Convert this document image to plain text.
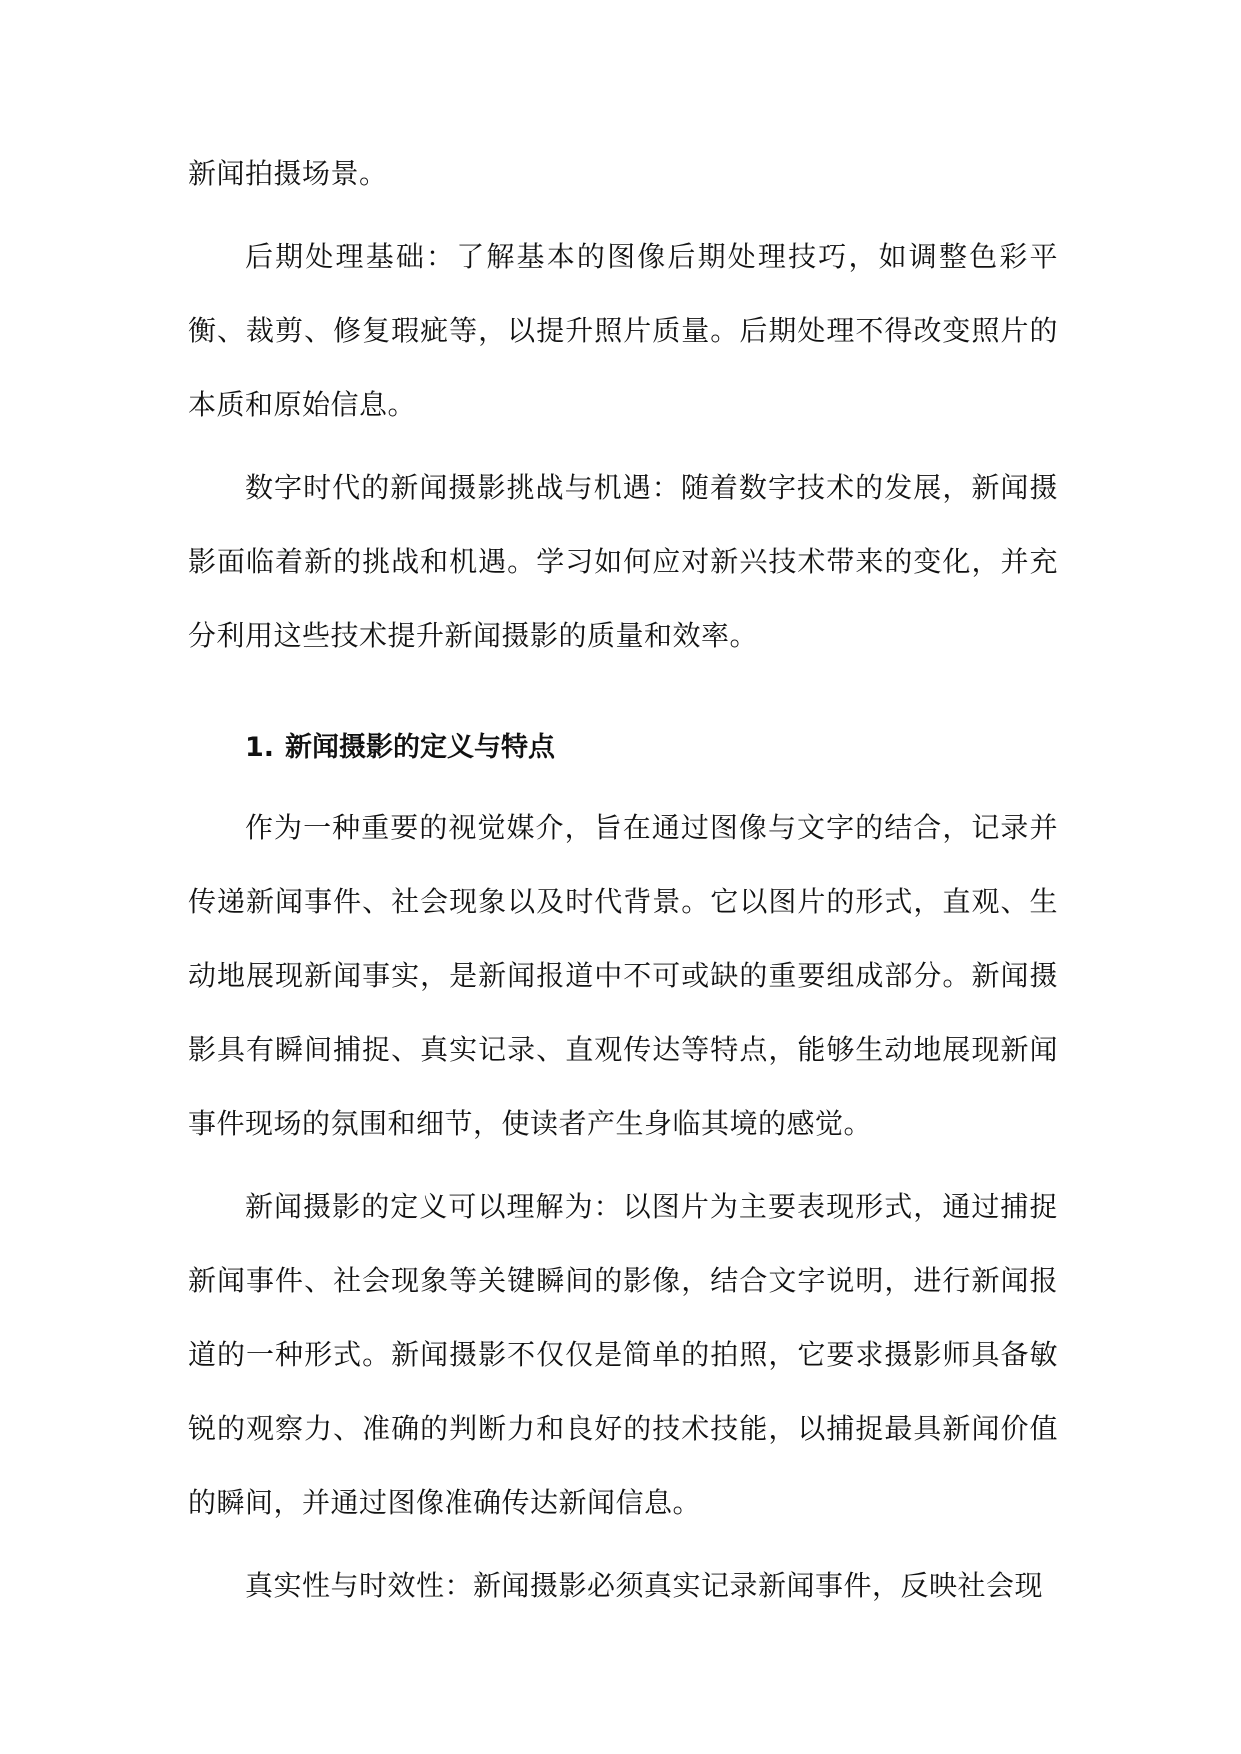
新闻拍摄场景。

后期处理基础：了解基本的图像后期处理技巧，如调整色彩平衡、裁剪、修复瑕疵等，以提升照片质量。后期处理不得改变照片的本质和原始信息。

数字时代的新闻摄影挑战与机遇：随着数字技术的发展，新闻摄影面临着新的挑战和机遇。学习如何应对新兴技术带来的变化，并充分利用这些技术提升新闻摄影的质量和效率。

1. 新闻摄影的定义与特点

作为一种重要的视觉媒介，旨在通过图像与文字的结合，记录并传递新闻事件、社会现象以及时代背景。它以图片的形式，直观、生动地展现新闻事实，是新闻报道中不可或缺的重要组成部分。新闻摄影具有瞬间捕捉、真实记录、直观传达等特点，能够生动地展现新闻事件现场的氛围和细节，使读者产生身临其境的感觉。

新闻摄影的定义可以理解为：以图片为主要表现形式，通过捕捉新闻事件、社会现象等关键瞬间的影像，结合文字说明，进行新闻报道的一种形式。新闻摄影不仅仅是简单的拍照，它要求摄影师具备敏锐的观察力、准确的判断力和良好的技术技能，以捕捉最具新闻价值的瞬间，并通过图像准确传达新闻信息。

真实性与时效性：新闻摄影必须真实记录新闻事件，反映社会现
